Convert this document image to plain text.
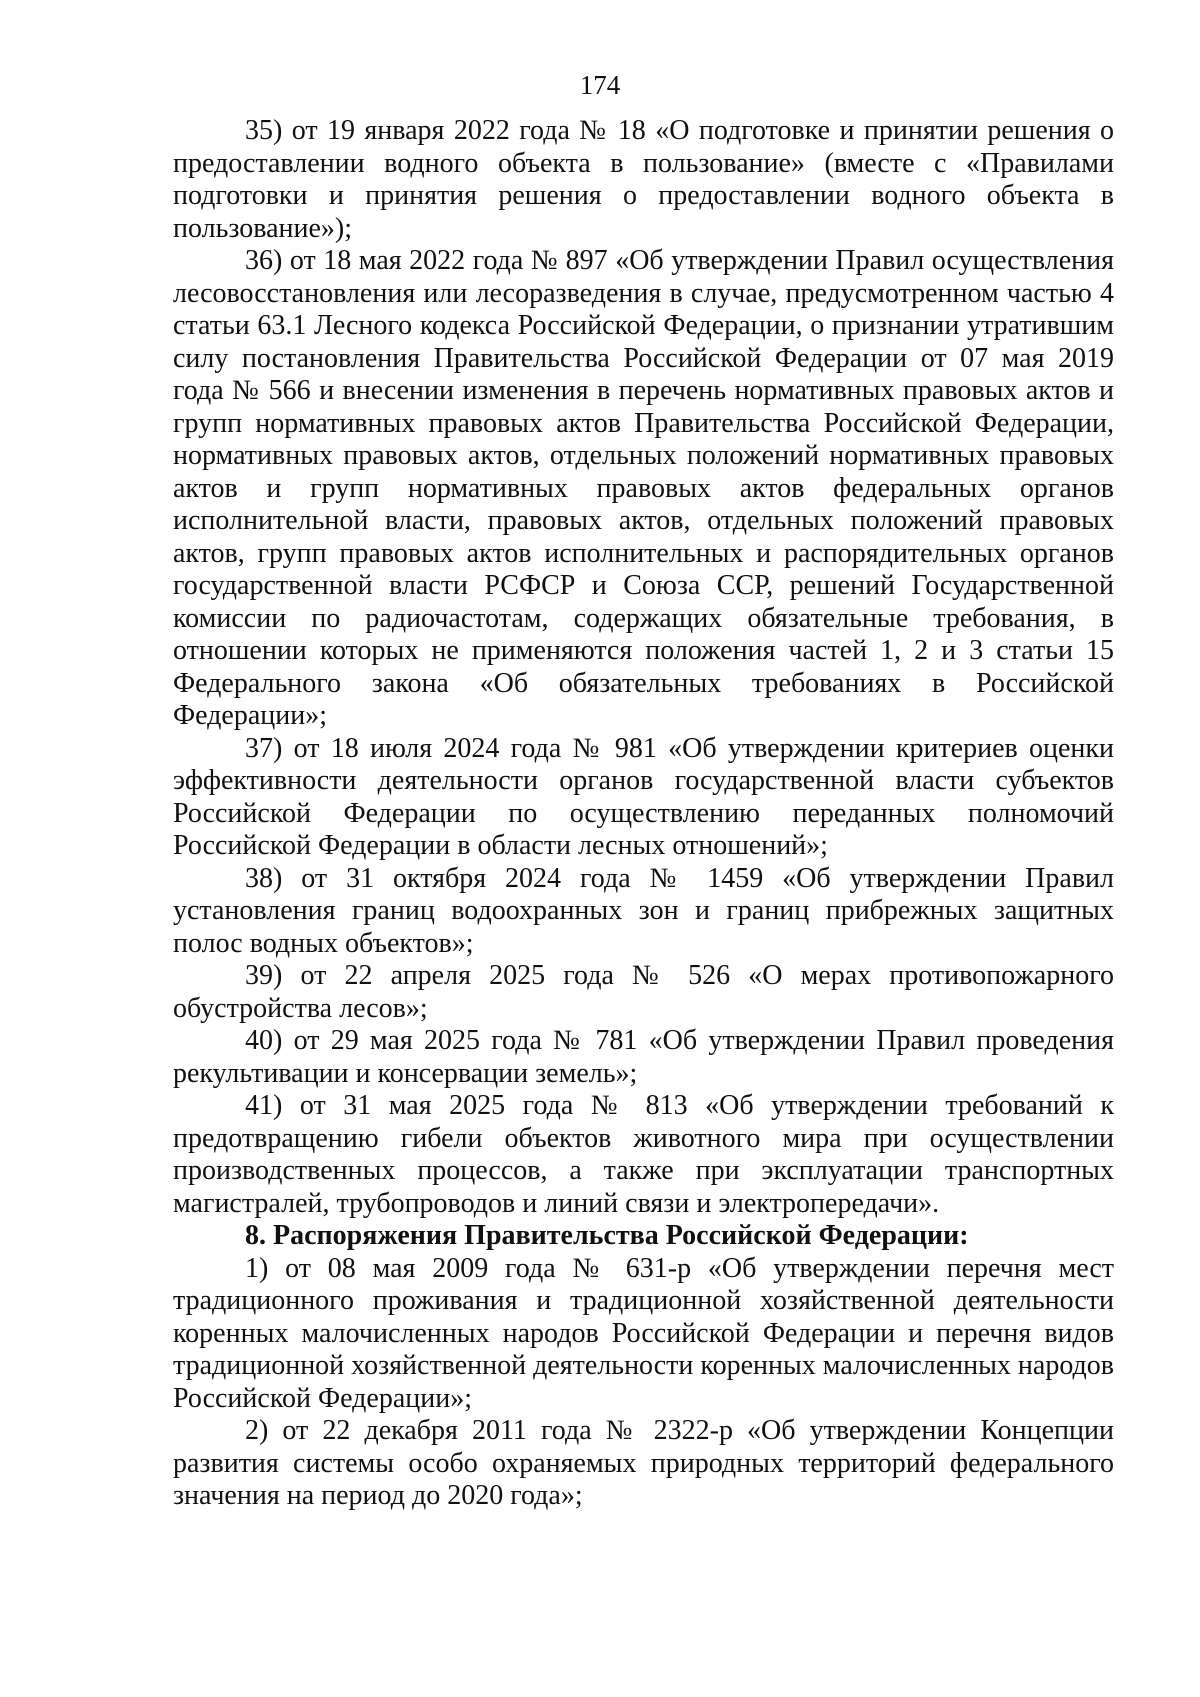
174

35) от 19 января 2022 года № 18 «О подготовке и принятии решения о предоставлении водного объекта в пользование» (вместе с «Правилами подготовки и принятия решения о предоставлении водного объекта в пользование»);

36) от 18 мая 2022 года № 897 «Об утверждении Правил осуществления лесовосстановления или лесоразведения в случае, предусмотренном частью 4 статьи 63.1 Лесного кодекса Российской Федерации, о признании утратившим силу постановления Правительства Российской Федерации от 07 мая 2019 года № 566 и внесении изменения в перечень нормативных правовых актов и групп нормативных правовых актов Правительства Российской Федерации, нормативных правовых актов, отдельных положений нормативных правовых актов и групп нормативных правовых актов федеральных органов исполнительной власти, правовых актов, отдельных положений правовых актов, групп правовых актов исполнительных и распорядительных органов государственной власти РСФСР и Союза ССР, решений Государственной комиссии по радиочастотам, содержащих обязательные требования, в отношении которых не применяются положения частей 1, 2 и 3 статьи 15 Федерального закона «Об обязательных требованиях в Российской Федерации»;

37) от 18 июля 2024 года № 981 «Об утверждении критериев оценки эффективности деятельности органов государственной власти субъектов Российской Федерации по осуществлению переданных полномочий Российской Федерации в области лесных отношений»;

38) от 31 октября 2024 года № 1459 «Об утверждении Правил установления границ водоохранных зон и границ прибрежных защитных полос водных объектов»;

39) от 22 апреля 2025 года № 526 «О мерах противопожарного обустройства лесов»;

40) от 29 мая 2025 года № 781 «Об утверждении Правил проведения рекультивации и консервации земель»;

41) от 31 мая 2025 года № 813 «Об утверждении требований к предотвращению гибели объектов животного мира при осуществлении производственных процессов, а также при эксплуатации транспортных магистралей, трубопроводов и линий связи и электропередачи».

8. Распоряжения Правительства Российской Федерации:

1) от 08 мая 2009 года № 631-р «Об утверждении перечня мест традиционного проживания и традиционной хозяйственной деятельности коренных малочисленных народов Российской Федерации и перечня видов традиционной хозяйственной деятельности коренных малочисленных народов Российской Федерации»;

2) от 22 декабря 2011 года № 2322-р «Об утверждении Концепции развития системы особо охраняемых природных территорий федерального значения на период до 2020 года»;
